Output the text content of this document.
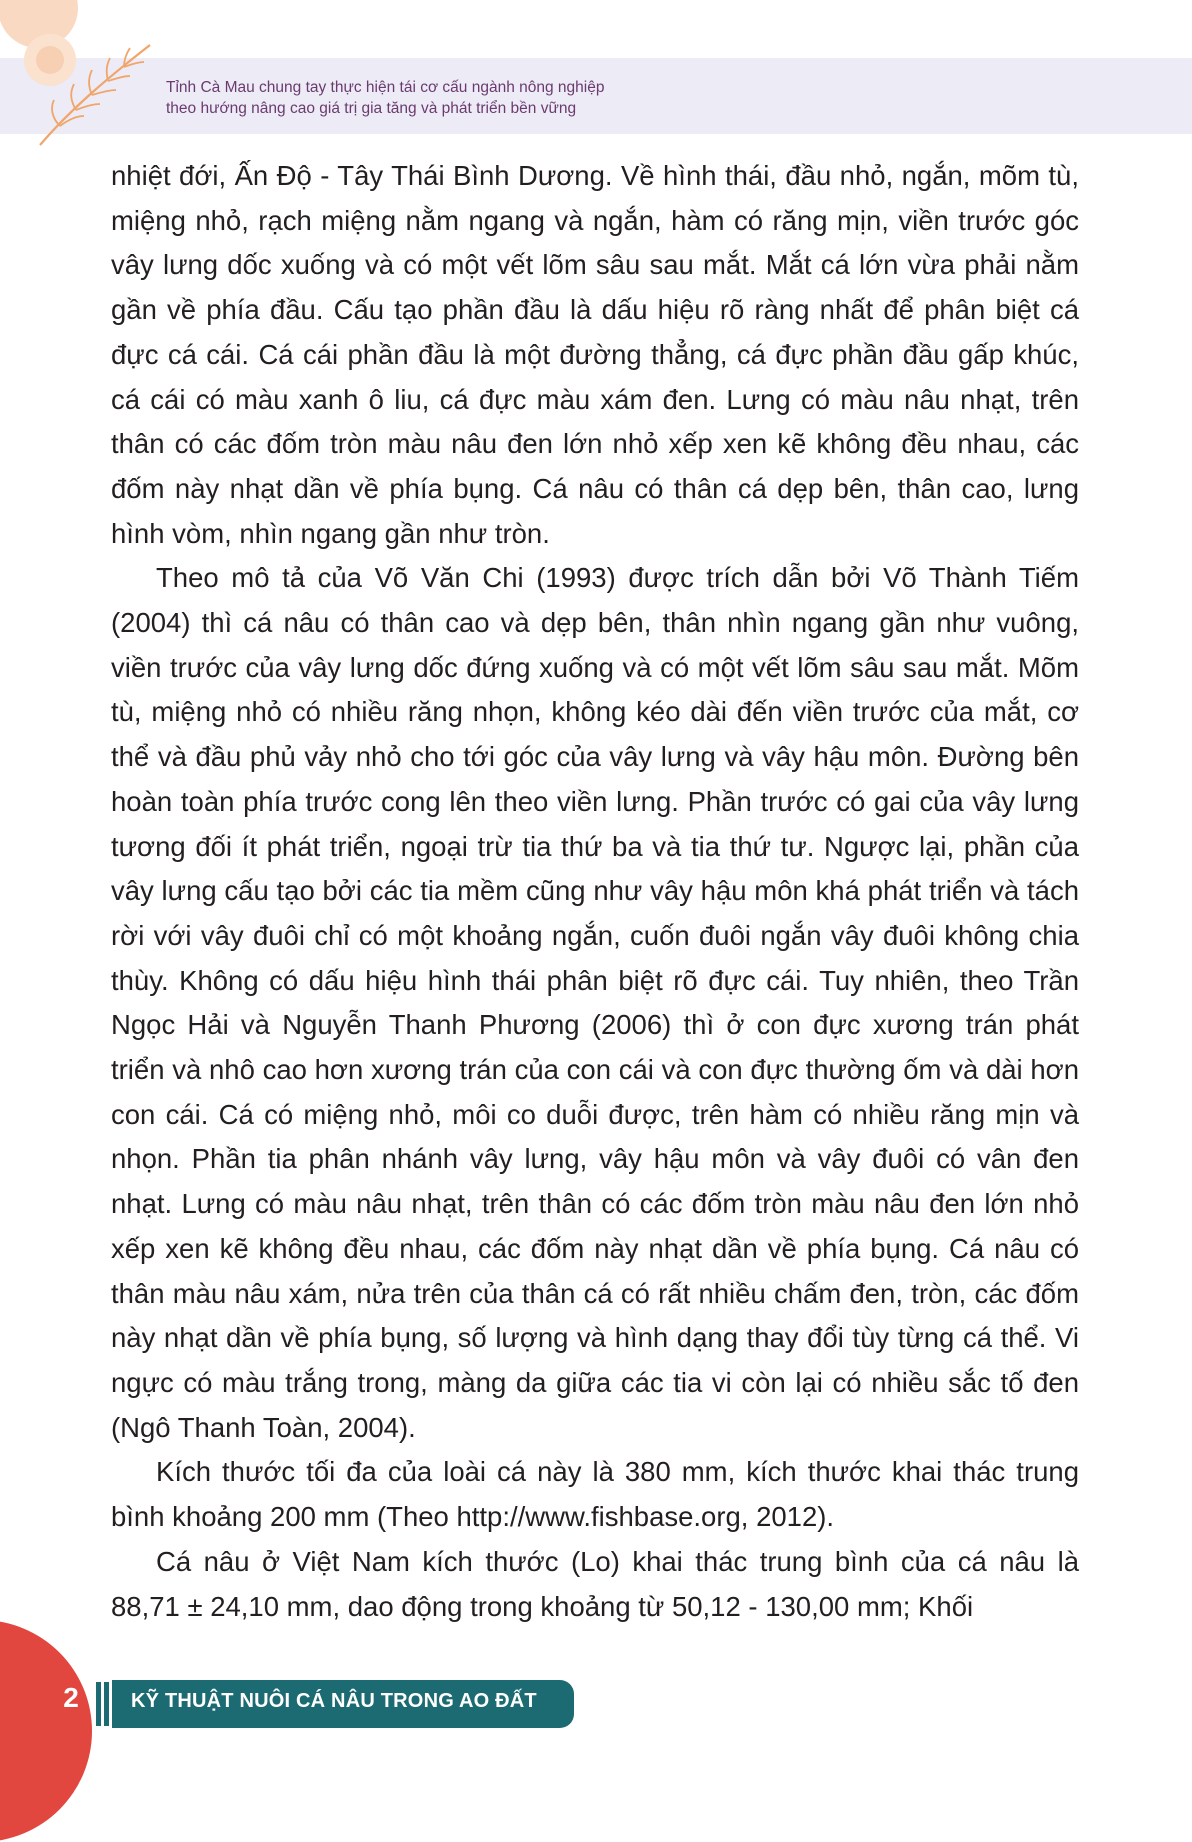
Tỉnh Cà Mau chung tay thực hiện tái cơ cấu ngành nông nghiệp
theo hướng nâng cao giá trị gia tăng và phát triển bền vững

nhiệt đới, Ấn Độ - Tây Thái Bình Dương. Về hình thái, đầu nhỏ, ngắn, mõm tù, miệng nhỏ, rạch miệng nằm ngang và ngắn, hàm có răng mịn, viền trước góc vây lưng dốc xuống và có một vết lõm sâu sau mắt. Mắt cá lớn vừa phải nằm gần về phía đầu. Cấu tạo phần đầu là dấu hiệu rõ ràng nhất để phân biệt cá đực cá cái. Cá cái phần đầu là một đường thẳng, cá đực phần đầu gấp khúc, cá cái có màu xanh ô liu, cá đực màu xám đen. Lưng có màu nâu nhạt, trên thân có các đốm tròn màu nâu đen lớn nhỏ xếp xen kẽ không đều nhau, các đốm này nhạt dần về phía bụng. Cá nâu có thân cá dẹp bên, thân cao, lưng hình vòm, nhìn ngang gần như tròn.

Theo mô tả của Võ Văn Chi (1993) được trích dẫn bởi Võ Thành Tiếm (2004) thì cá nâu có thân cao và dẹp bên, thân nhìn ngang gần như vuông, viền trước của vây lưng dốc đứng xuống và có một vết lõm sâu sau mắt. Mõm tù, miệng nhỏ có nhiều răng nhọn, không kéo dài đến viền trước của mắt, cơ thể và đầu phủ vảy nhỏ cho tới góc của vây lưng và vây hậu môn. Đường bên hoàn toàn phía trước cong lên theo viền lưng. Phần trước có gai của vây lưng tương đối ít phát triển, ngoại trừ tia thứ ba và tia thứ tư. Ngược lại, phần của vây lưng cấu tạo bởi các tia mềm cũng như vây hậu môn khá phát triển và tách rời với vây đuôi chỉ có một khoảng ngắn, cuốn đuôi ngắn vây đuôi không chia thùy. Không có dấu hiệu hình thái phân biệt rõ đực cái. Tuy nhiên, theo Trần Ngọc Hải và Nguyễn Thanh Phương (2006) thì ở con đực xương trán phát triển và nhô cao hơn xương trán của con cái và con đực thường ốm và dài hơn con cái. Cá có miệng nhỏ, môi co duỗi được, trên hàm có nhiều răng mịn và nhọn. Phần tia phân nhánh vây lưng, vây hậu môn và vây đuôi có vân đen nhạt. Lưng có màu nâu nhạt, trên thân có các đốm tròn màu nâu đen lớn nhỏ xếp xen kẽ không đều nhau, các đốm này nhạt dần về phía bụng. Cá nâu có thân màu nâu xám, nửa trên của thân cá có rất nhiều chấm đen, tròn, các đốm này nhạt dần về phía bụng, số lượng và hình dạng thay đổi tùy từng cá thể. Vi ngực có màu trắng trong, màng da giữa các tia vi còn lại có nhiều sắc tố đen (Ngô Thanh Toàn, 2004).

Kích thước tối đa của loài cá này là 380 mm, kích thước khai thác trung bình khoảng 200 mm (Theo http://www.fishbase.org, 2012).

Cá nâu ở Việt Nam kích thước (Lo) khai thác trung bình của cá nâu là 88,71 ± 24,10 mm, dao động trong khoảng từ 50,12 - 130,00 mm; Khối

2	KỸ THUẬT NUÔI CÁ NÂU TRONG AO ĐẤT
